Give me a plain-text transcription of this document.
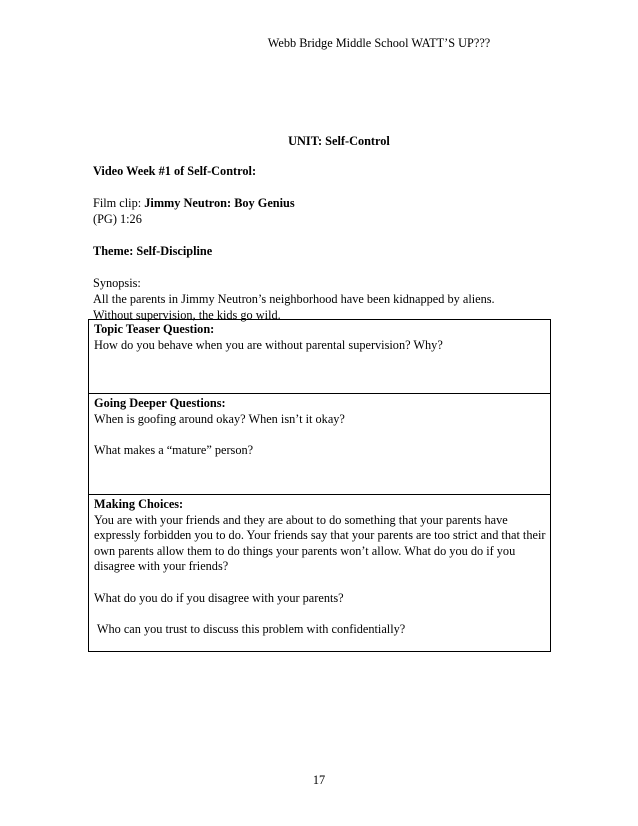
Webb Bridge Middle School WATT’S UP???
UNIT: Self-Control

Video Week #1 of Self-Control:

Film clip: Jimmy Neutron: Boy Genius

(PG) 1:26

Theme: Self-Discipline

Synopsis:

All the parents in Jimmy Neutron’s neighborhood have been kidnapped by aliens.

Without supervision, the kids go wild.

Topic Teaser Question:

How do you behave when you are without parental supervision? Why?

Going Deeper Questions:

When is goofing around okay? When isn’t it okay?

What makes a “mature” person?

Making Choices:

You are with your friends and they are about to do something that your parents have expressly forbidden you to do. Your friends say that your parents are too strict and that their own parents allow them to do things your parents won’t allow. What do you do if you disagree with your friends?

What do you do if you disagree with your parents?

Who can you trust to discuss this problem with confidentially?

17
